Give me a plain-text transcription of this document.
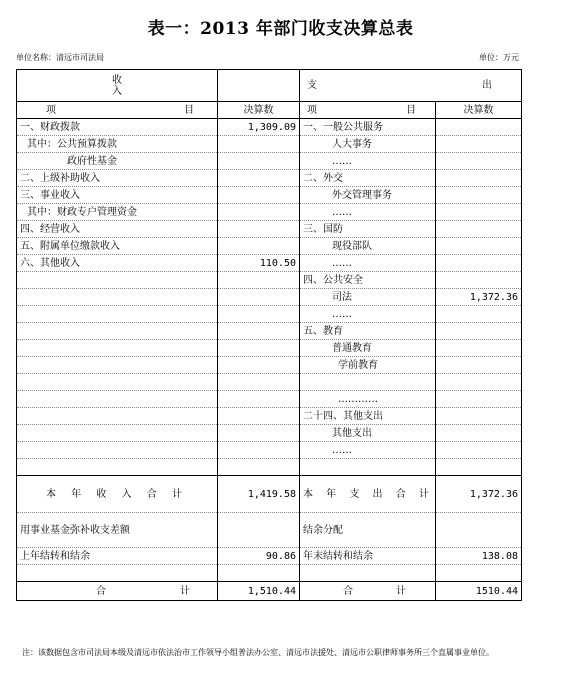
表一：2013 年部门收支决算总表
单位名称：清远市司法局	单位：万元
收
入		支 出	

项 目	决算数	项 目	决算数
一、财政拨款	1,309.09	一、一般公共服务	
其中：公共预算拨款		人大事务	
政府性基金		……	
二、上级补助收入		二、外交	
三、事业收入		外交管理事务	
其中：财政专户管理资金		……	
四、经营收入		三、国防	
五、附属单位缴款收入		现役部队	
六、其他收入	110.50	……	
		四、公共安全	
		司法	1,372.36
		……	
		五、教育	
		普通教育	
		学前教育	

		…………	
		二十四、其他支出	
		其他支出	
		……	

本 年 收 入 合 计	1,419.58	本 年 支 出 合 计	1,372.36
用事业基金弥补收支差额		结余分配	
上年结转和结余	90.86	年末结转和结余	138.08

合 计	1,510.44	合 计	1510.44
注：该数据包含市司法局本级及清远市依法治市工作领导小组普法办公室、清远市法援处、清远市公职律师事务所三个直属事业单位。
